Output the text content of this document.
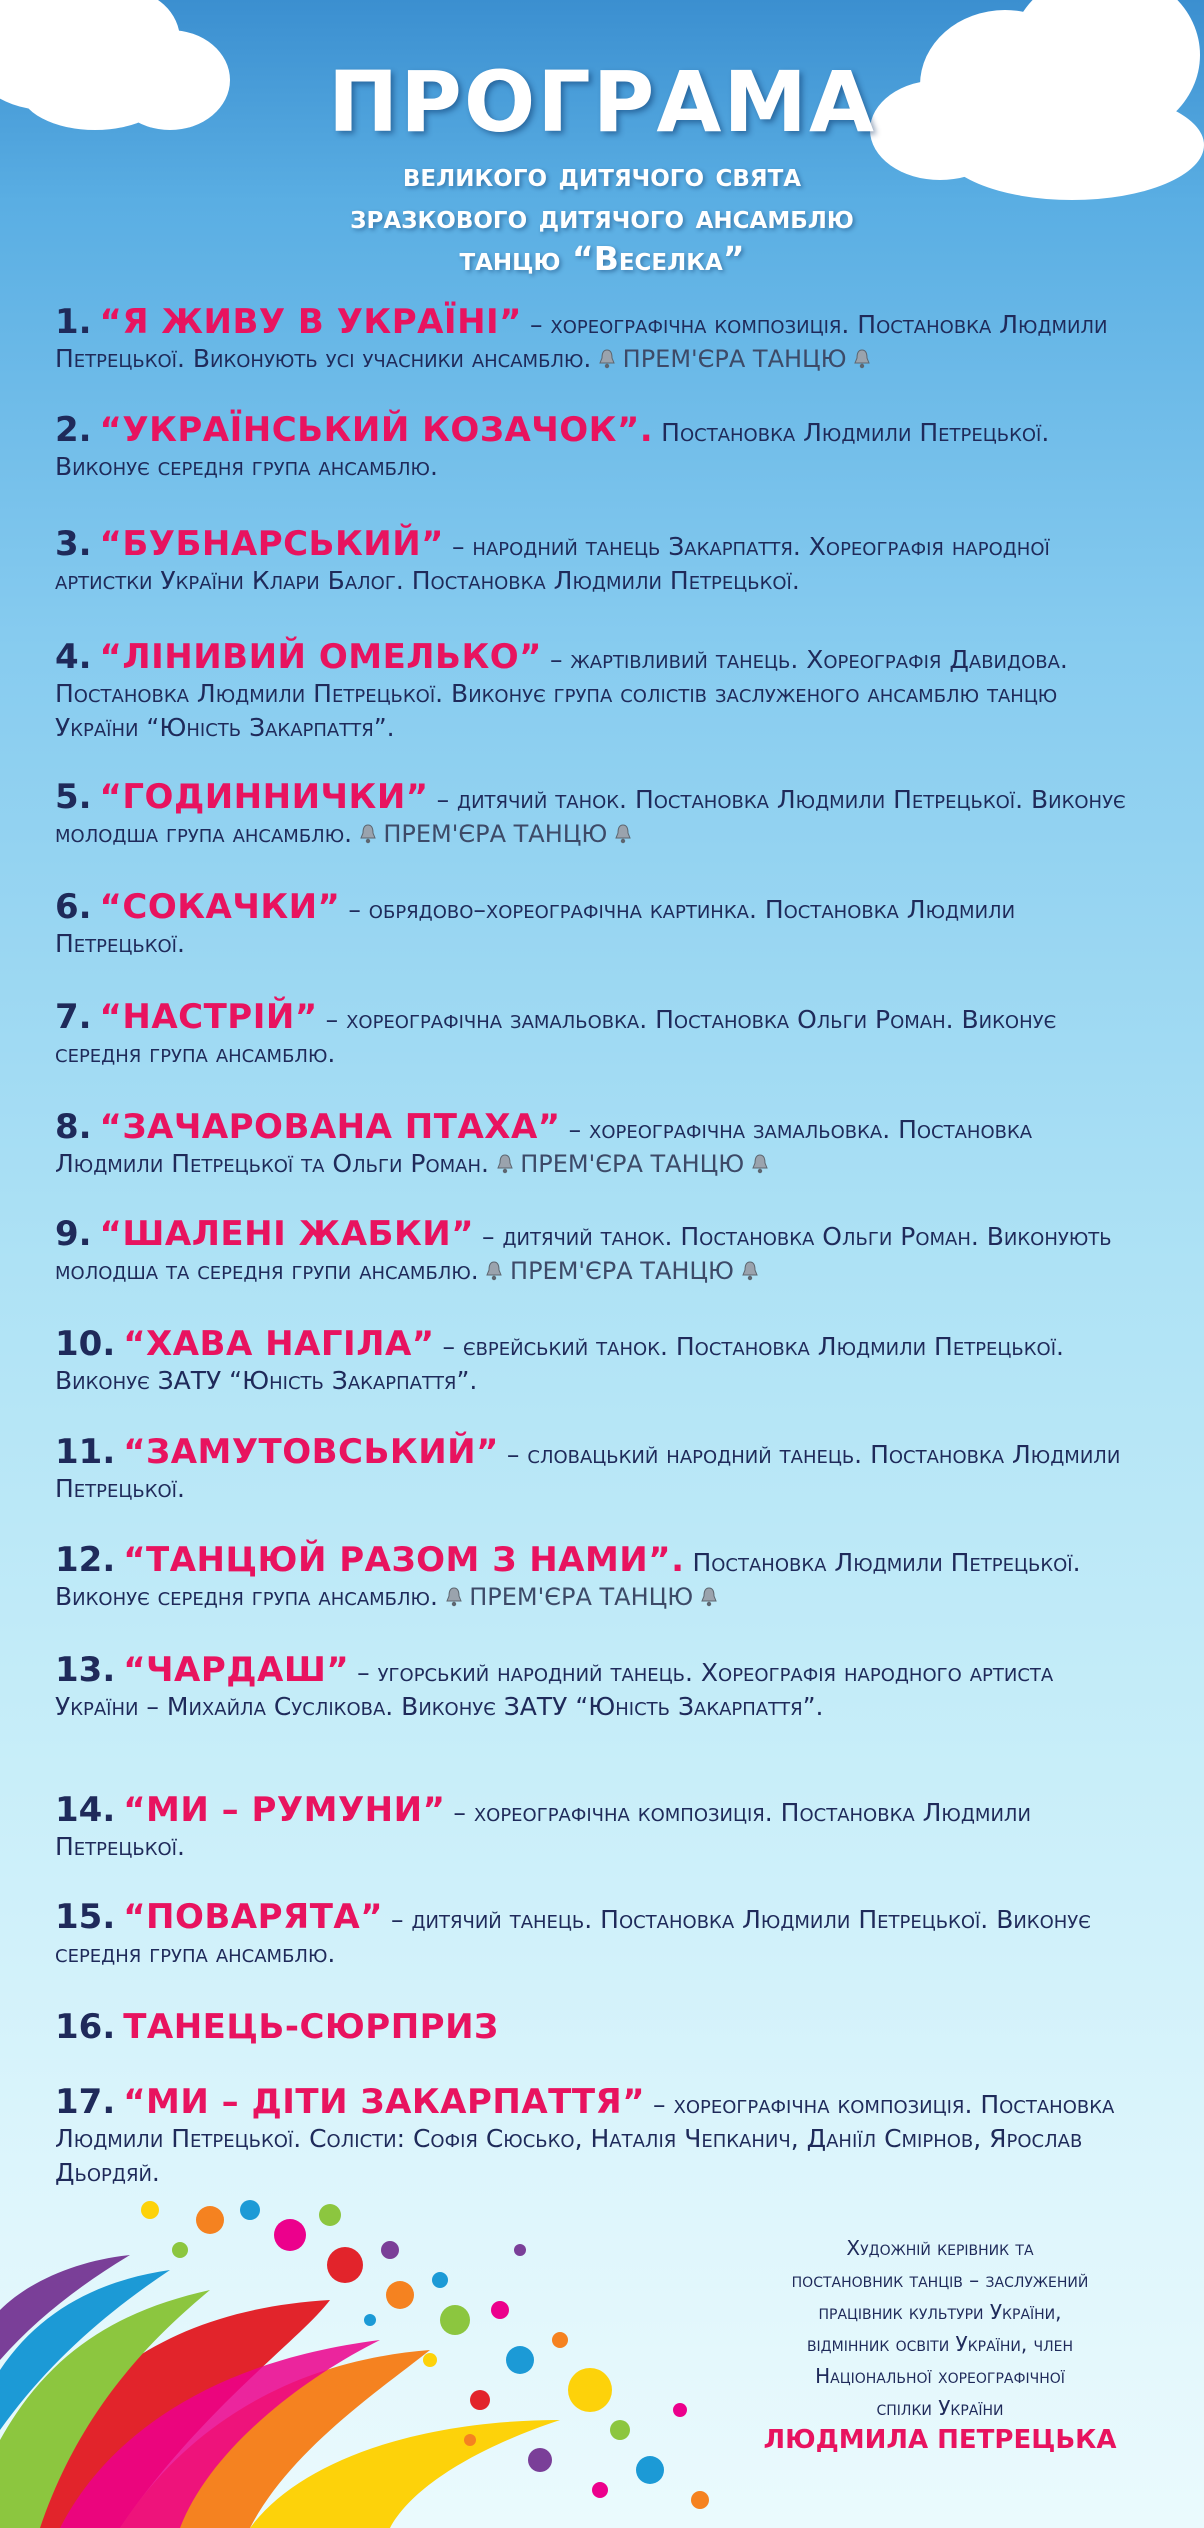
ПРОГРАМА
великого дитячого свята
зразкового дитячого ансамблю
танцю “Веселка”
1. “Я ЖИВУ В УКРАЇНІ” – хореографічна композиція. Постановка Людмили Петрецької. Виконують усі учасники ансамблю. ПРЕМ'ЄРА ТАНЦЮ
2. “УКРАЇНСЬКИЙ КОЗАЧОК”. Постановка Людмили Петрецької. Виконує середня група ансамблю.
3. “БУБНАРСЬКИЙ” – народний танець Закарпаття. Хореографія народної артистки України Клари Балог. Постановка Людмили Петрецької.
4. “ЛІНИВИЙ ОМЕЛЬКО” – жартівливий танець. Хореографія Давидова. Постановка Людмили Петрецької. Виконує група солістів заслуженого ансамблю танцю України “Юність Закарпаття”.
5. “ГОДИННИЧКИ” – дитячий танок. Постановка Людмили Петрецької. Виконує молодша група ансамблю. ПРЕМ'ЄРА ТАНЦЮ
6. “СОКАЧКИ” – обрядово–хореографічна картинка. Постановка Людмили Петрецької.
7. “НАСТРІЙ” – хореографічна замальовка. Постановка Ольги Роман. Виконує середня група ансамблю.
8. “ЗАЧАРОВАНА ПТАХА” – хореографічна замальовка. Постановка Людмили Петрецької та Ольги Роман. ПРЕМ'ЄРА ТАНЦЮ
9. “ШАЛЕНІ ЖАБКИ” – дитячий танок. Постановка Ольги Роман. Виконують молодша та середня групи ансамблю. ПРЕМ'ЄРА ТАНЦЮ
10. “ХАВА НАГІЛА” – єврейський танок. Постановка Людмили Петрецької. Виконує ЗАТУ “Юність Закарпаття”.
11. “ЗАМУТОВСЬКИЙ” – словацький народний танець. Постановка Людмили Петрецької.
12. “ТАНЦЮЙ РАЗОМ З НАМИ”. Постановка Людмили Петрецької. Виконує середня група ансамблю. ПРЕМ'ЄРА ТАНЦЮ
13. “ЧАРДАШ” – угорський народний танець. Хореографія народного артиста України – Михайла Суслікова. Виконує ЗАТУ “Юність Закарпаття”.
14. “МИ – РУМУНИ” – хореографічна композиція. Постановка Людмили Петрецької.
15. “ПОВАРЯТА” – дитячий танець. Постановка Людмили Петрецької. Виконує середня група ансамблю.
16. ТАНЕЦЬ-СЮРПРИЗ
17. “МИ – ДІТИ ЗАКАРПАТТЯ” – хореографічна композиція. Постановка Людмили Петрецької. Солісти: Софія Сюсько, Наталія Чепканич, Даніїл Смірнов, Ярослав Дьордяй.
Художній керівник та
постановник танців – заслужений
працівник культури України,
відмінник освіти України, член
Національної хореографічної
спілки України
ЛЮДМИЛА ПЕТРЕЦЬКА
